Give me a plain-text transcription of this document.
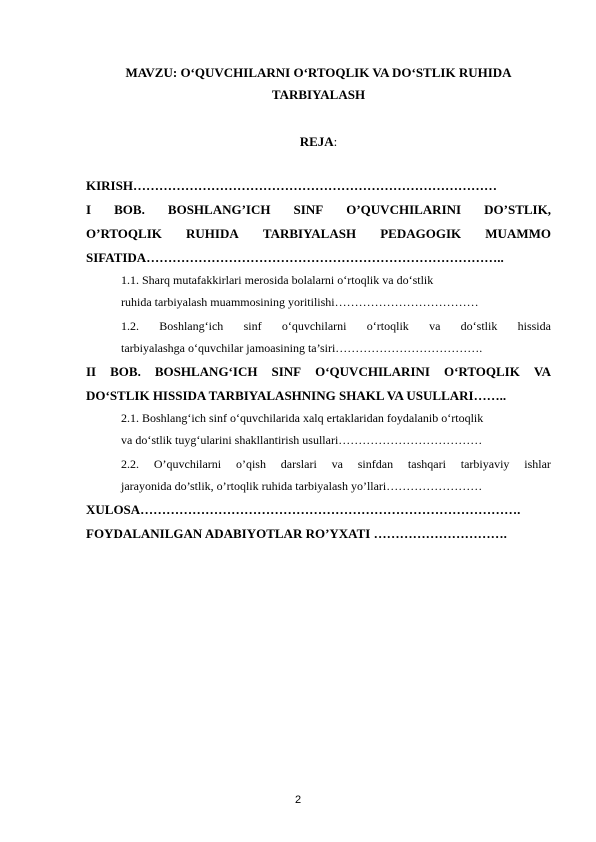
MAVZU: O‘QUVCHILARNI O‘RTOQLIK VA DO‘STLIK RUHIDA
TARBIYALASH
REJA:
KIRISH…………………………………………………………………………
I BOB. BOSHLANG’ICH SINF O’QUVCHILARINI DO’STLIK,
O’RTOQLIK RUHIDA TARBIYALASH PEDAGOGIK MUAMMO
SIFATIDA………………………………………………………………………..
1.1. Sharq mutafakkirlari merosida bolalarni o‘rtoqlik va do‘stlik
ruhida tarbiyalash muammosining yoritilishi………………………………
1.2. Boshlang‘ich sinf o‘quvchilarni o‘rtoqlik va do‘stlik hissida
tarbiyalashga o‘quvchilar jamoasining ta’siri……………………………….
II BOB. BOSHLANG‘ICH SINF O‘QUVCHILARINI O‘RTOQLIK VA
DO‘STLIK HISSIDA TARBIYALASHNING SHAKL VA USULLARI……..
2.1. Boshlang‘ich sinf o‘quvchilarida xalq ertaklaridan foydalanib o‘rtoqlik
va do‘stlik tuyg‘ularini shakllantirish usullari………………………………
2.2. O’quvchilarni o’qish darslari va sinfdan tashqari tarbiyaviy ishlar
jarayonida do’stlik, o’rtoqlik ruhida tarbiyalash yo’llari……………………
XULOSA…………………………………………………………………………….
FOYDALANILGAN ADABIYOTLAR RO’YXATI ………………………….
2
